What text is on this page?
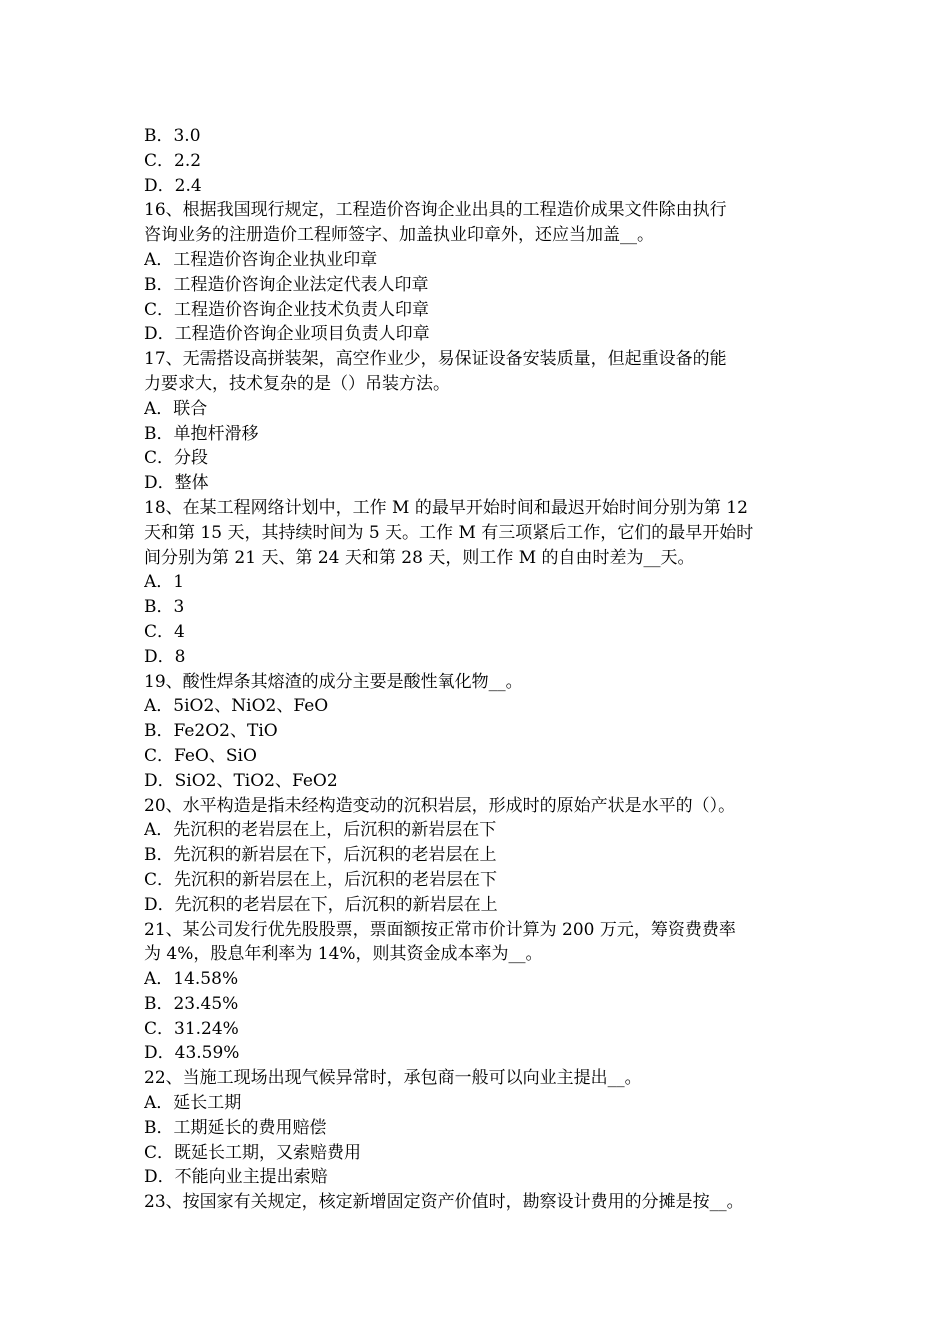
B．3.0
C．2.2
D．2.4
16、根据我国现行规定，工程造价咨询企业出具的工程造价成果文件除由执行
咨询业务的注册造价工程师签字、加盖执业印章外，还应当加盖__。
A．工程造价咨询企业执业印章
B．工程造价咨询企业法定代表人印章
C．工程造价咨询企业技术负责人印章
D．工程造价咨询企业项目负责人印章
17、无需搭设高拼装架，高空作业少，易保证设备安装质量，但起重设备的能
力要求大，技术复杂的是（）吊装方法。
A．联合
B．单抱杆滑移
C．分段
D．整体
18、在某工程网络计划中，工作 M 的最早开始时间和最迟开始时间分别为第 12
天和第 15 天，其持续时间为 5 天。工作 M 有三项紧后工作，它们的最早开始时
间分别为第 21 天、第 24 天和第 28 天，则工作 M 的自由时差为__天。
A．1
B．3
C．4
D．8
19、酸性焊条其熔渣的成分主要是酸性氧化物__。
A．5iO2、NiO2、FeO
B．Fe2O2、TiO
C．FeO、SiO
D．SiO2、TiO2、FeO2
20、水平构造是指未经构造变动的沉积岩层，形成时的原始产状是水平的（）。
A．先沉积的老岩层在上，后沉积的新岩层在下
B．先沉积的新岩层在下，后沉积的老岩层在上
C．先沉积的新岩层在上，后沉积的老岩层在下
D．先沉积的老岩层在下，后沉积的新岩层在上
21、某公司发行优先股股票，票面额按正常市价计算为 200 万元，筹资费费率
为 4%，股息年利率为 14%，则其资金成本率为__。
A．14.58%
B．23.45%
C．31.24%
D．43.59%
22、当施工现场出现气候异常时，承包商一般可以向业主提出__。
A．延长工期
B．工期延长的费用赔偿
C．既延长工期，又索赔费用
D．不能向业主提出索赔
23、按国家有关规定，核定新增固定资产价值时，勘察设计费用的分摊是按__。
